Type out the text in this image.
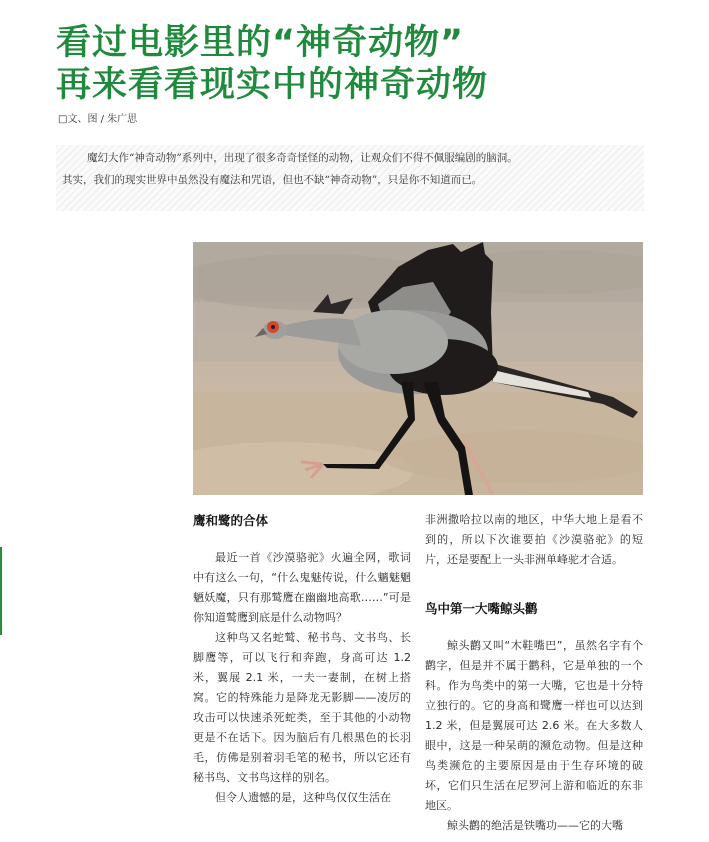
看过电影里的“神奇动物”
再来看看现实中的神奇动物
□文、图 / 朱广思

魔幻大作“神奇动物”系列中，出现了很多奇奇怪怪的动物，让观众们不得不佩服编剧的脑洞。

其实，我们的现实世界中虽然没有魔法和咒语，但也不缺“神奇动物”，只是你不知道而已。

鹰和鹭的合体

最近一首《沙漠骆驼》火遍全网，歌词中有这么一句，“什么鬼魅传说，什么魑魅魍魉妖魔，只有那鹫鹰在幽幽地高歌……”可是你知道鹫鹰到底是什么动物吗？

这种鸟又名蛇鹫、秘书鸟、文书鸟、长脚鹰等，可以飞行和奔跑，身高可达 1.2 米，翼展 2.1 米，一夫一妻制，在树上搭窝。它的特殊能力是降龙无影脚——凌厉的攻击可以快速杀死蛇类，至于其他的小动物更是不在话下。因为脑后有几根黑色的长羽毛，仿佛是别着羽毛笔的秘书，所以它还有秘书鸟、文书鸟这样的别名。

但令人遗憾的是，这种鸟仅仅生活在

非洲撒哈拉以南的地区，中华大地上是看不到的，所以下次谁要拍《沙漠骆驼》的短片，还是要配上一头非洲单峰驼才合适。

鸟中第一大嘴鲸头鹳

鲸头鹳又叫“木鞋嘴巴”，虽然名字有个鹳字，但是并不属于鹳科，它是单独的一个科。作为鸟类中的第一大嘴，它也是十分特立独行的。它的身高和鹭鹰一样也可以达到 1.2 米，但是翼展可达 2.6 米。在大多数人眼中，这是一种呆萌的濒危动物。但是这种鸟类濒危的主要原因是由于生存环境的破坏，它们只生活在尼罗河上游和临近的东非地区。

鲸头鹳的绝活是铁嘴功——它的大嘴
